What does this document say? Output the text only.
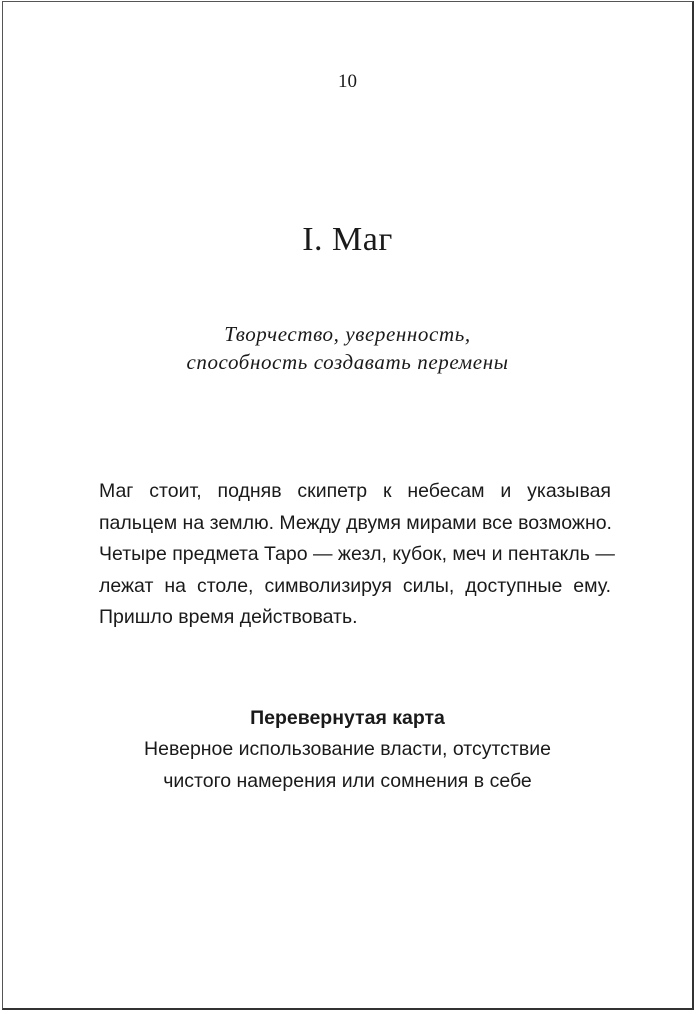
10
I. Маг
Творчество, уверенность,
способность создавать перемены
Маг стоит, подняв скипетр к небесам и указывая
пальцем на землю. Между двумя мирами все возможно.
Четыре предмета Таро — жезл, кубок, меч и пентакль —
лежат на столе, символизируя силы, доступные ему.
Пришло время действовать.
Перевернутая карта
Неверное использование власти, отсутствие
чистого намерения или сомнения в себе
